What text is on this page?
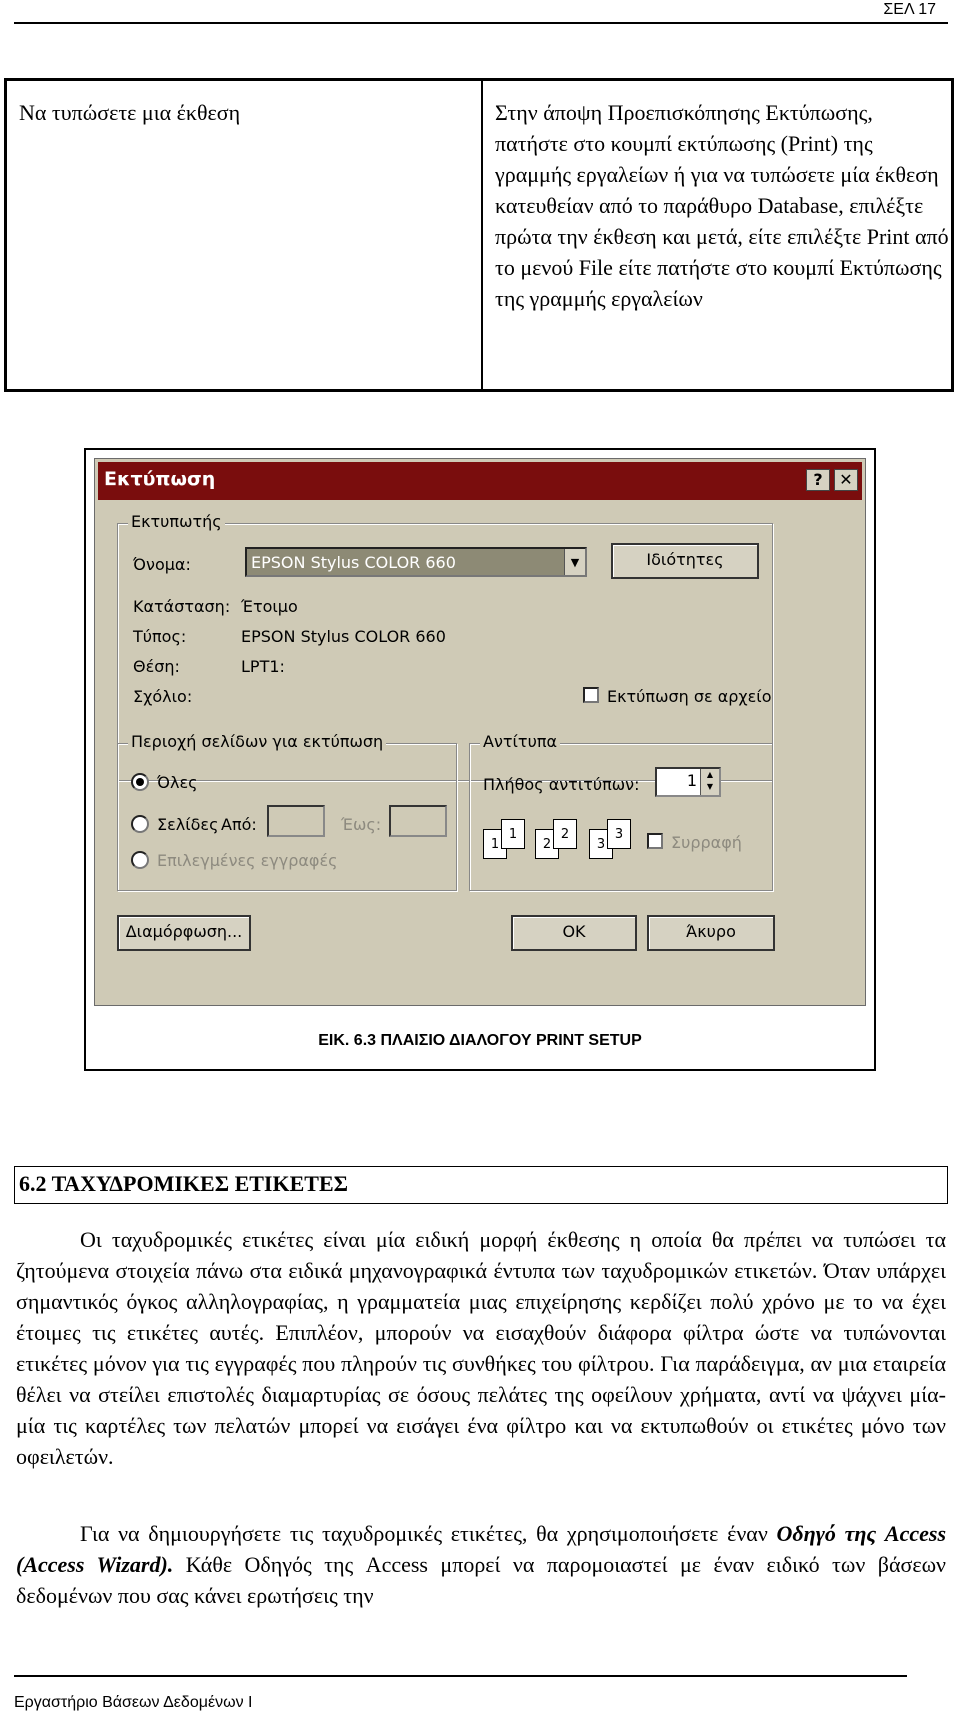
ΣΕΛ 17
Να τυπώσετε μια έκθεση	Στην άποψη Προεπισκόπησης Εκτύπωσης, πατήστε στο κουμπί εκτύπωσης (Print) της γραμμής εργαλείων ή για να τυπώσετε μία έκθεση κατευθείαν από το παράθυρο Database, επιλέξτε πρώτα την έκθεση και μετά, είτε επιλέξτε Print από το μενού File είτε πατήστε στο κουμπί Εκτύπωσης της γραμμής εργαλείων
Εκτύπωση	?	✕
Εκτυπωτής
Όνομα:	EPSON Stylus COLOR 660	▼	Ιδιότητες
Κατάσταση: Έτοιμο
Τύπος:	EPSON Stylus COLOR 660
Θέση:	LPT1:
Σχόλιο:	Εκτύπωση σε αρχείο
Περιοχή σελίδων για εκτύπωση
Όλες
Σελίδες Από:	Έως:
Επιλεγμένες εγγραφές
Αντίτυπα
Πλήθος αντιτύπων:	1	▲
▼
1
1
2
2
3
3	Συρραφή
Διαμόρφωση...	OK	Άκυρο
ΕΙΚ. 6.3 ΠΛΑΙΣΙΟ ΔΙΑΛΟΓΟΥ PRINT SETUP
6.2 ΤΑΧΥΔΡΟΜΙΚΕΣ ΕΤΙΚΕΤΕΣ
Οι ταχυδρομικές ετικέτες είναι μία ειδική μορφή έκθεσης η οποία θα πρέπει να τυπώσει τα ζητούμενα στοιχεία πάνω στα ειδικά μηχανογραφικά έντυπα των ταχυδρομικών ετικετών. Όταν υπάρχει σημαντικός όγκος αλληλογραφίας, η γραμματεία μιας επιχείρησης κερδίζει πολύ χρόνο με το να έχει έτοιμες τις ετικέτες αυτές. Επιπλέον, μπορούν να εισαχθούν διάφορα φίλτρα ώστε να τυπώνονται ετικέτες μόνον για τις εγγραφές που πληρούν τις συνθήκες του φίλτρου. Για παράδειγμα, αν μια εταιρεία θέλει να στείλει επιστολές διαμαρτυρίας σε όσους πελάτες της οφείλουν χρήματα, αντί να ψάχνει μία-μία τις καρτέλες των πελατών μπορεί να εισάγει ένα φίλτρο και να εκτυπωθούν οι ετικέτες μόνο των οφειλετών.
Για να δημιουργήσετε τις ταχυδρομικές ετικέτες, θα χρησιμοποιήσετε έναν Οδηγό της Access (Access Wizard). Κάθε Οδηγός της Access μπορεί να παρομοιαστεί με έναν ειδικό των βάσεων δεδομένων που σας κάνει ερωτήσεις την
Εργαστήριο Βάσεων Δεδομένων Ι
